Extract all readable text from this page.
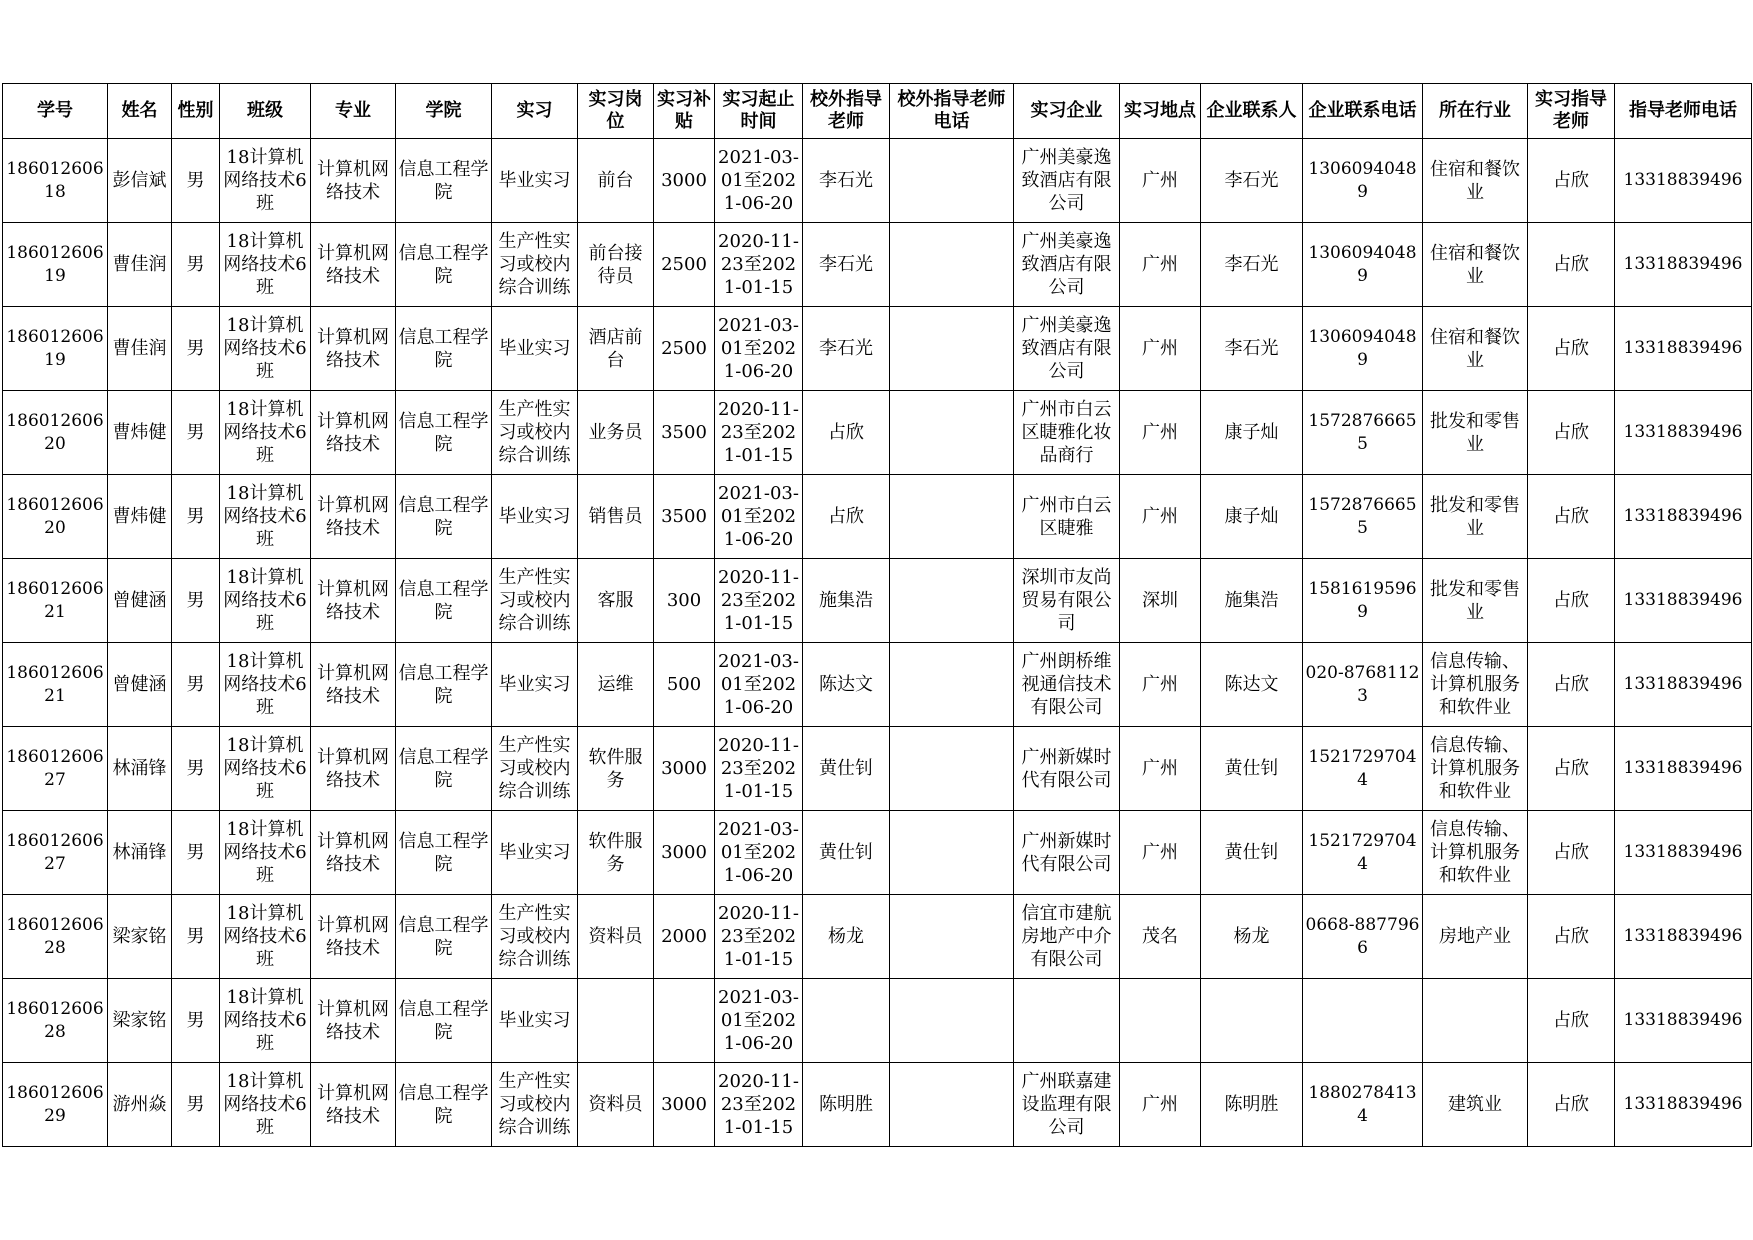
学号	姓名	性别	班级	专业	学院	实习	实习岗位	实习补贴	实习起止时间	校外指导老师	校外指导老师电话	实习企业	实习地点	企业联系人	企业联系电话	所在行业	实习指导老师	指导老师电话

18601260618	彭信斌	男	18计算机网络技术6班	计算机网络技术	信息工程学院	毕业实习	前台	3000	2021-03-01至2021-06-20	李石光		广州美豪逸致酒店有限公司	广州	李石光	13060940489	住宿和餐饮业	占欣	13318839496

18601260619	曹佳润	男	18计算机网络技术6班	计算机网络技术	信息工程学院	生产性实习或校内综合训练	前台接待员	2500	2020-11-23至2021-01-15	李石光		广州美豪逸致酒店有限公司	广州	李石光	13060940489	住宿和餐饮业	占欣	13318839496

18601260619	曹佳润	男	18计算机网络技术6班	计算机网络技术	信息工程学院	毕业实习	酒店前台	2500	2021-03-01至2021-06-20	李石光		广州美豪逸致酒店有限公司	广州	李石光	13060940489	住宿和餐饮业	占欣	13318839496

18601260620	曹炜健	男	18计算机网络技术6班	计算机网络技术	信息工程学院	生产性实习或校内综合训练	业务员	3500	2020-11-23至2021-01-15	占欣		广州市白云区睫雅化妆品商行	广州	康子灿	15728766655	批发和零售业	占欣	13318839496

18601260620	曹炜健	男	18计算机网络技术6班	计算机网络技术	信息工程学院	毕业实习	销售员	3500	2021-03-01至2021-06-20	占欣		广州市白云区睫雅	广州	康子灿	15728766655	批发和零售业	占欣	13318839496

18601260621	曾健涵	男	18计算机网络技术6班	计算机网络技术	信息工程学院	生产性实习或校内综合训练	客服	300	2020-11-23至2021-01-15	施集浩		深圳市友尚贸易有限公司	深圳	施集浩	15816195969	批发和零售业	占欣	13318839496

18601260621	曾健涵	男	18计算机网络技术6班	计算机网络技术	信息工程学院	毕业实习	运维	500	2021-03-01至2021-06-20	陈达文		广州朗桥维视通信技术有限公司	广州	陈达文	020-87681123	信息传输、计算机服务和软件业	占欣	13318839496

18601260627	林涌锋	男	18计算机网络技术6班	计算机网络技术	信息工程学院	生产性实习或校内综合训练	软件服务	3000	2020-11-23至2021-01-15	黄仕钊		广州新媒时代有限公司	广州	黄仕钊	15217297044	信息传输、计算机服务和软件业	占欣	13318839496

18601260627	林涌锋	男	18计算机网络技术6班	计算机网络技术	信息工程学院	毕业实习	软件服务	3000	2021-03-01至2021-06-20	黄仕钊		广州新媒时代有限公司	广州	黄仕钊	15217297044	信息传输、计算机服务和软件业	占欣	13318839496

18601260628	梁家铭	男	18计算机网络技术6班	计算机网络技术	信息工程学院	生产性实习或校内综合训练	资料员	2000	2020-11-23至2021-01-15	杨龙		信宜市建航房地产中介有限公司	茂名	杨龙	0668-8877966	房地产业	占欣	13318839496

18601260628	梁家铭	男	18计算机网络技术6班	计算机网络技术	信息工程学院	毕业实习			2021-03-01至2021-06-20								占欣	13318839496

18601260629	游州焱	男	18计算机网络技术6班	计算机网络技术	信息工程学院	生产性实习或校内综合训练	资料员	3000	2020-11-23至2021-01-15	陈明胜		广州联嘉建设监理有限公司	广州	陈明胜	18802784134	建筑业	占欣	13318839496
